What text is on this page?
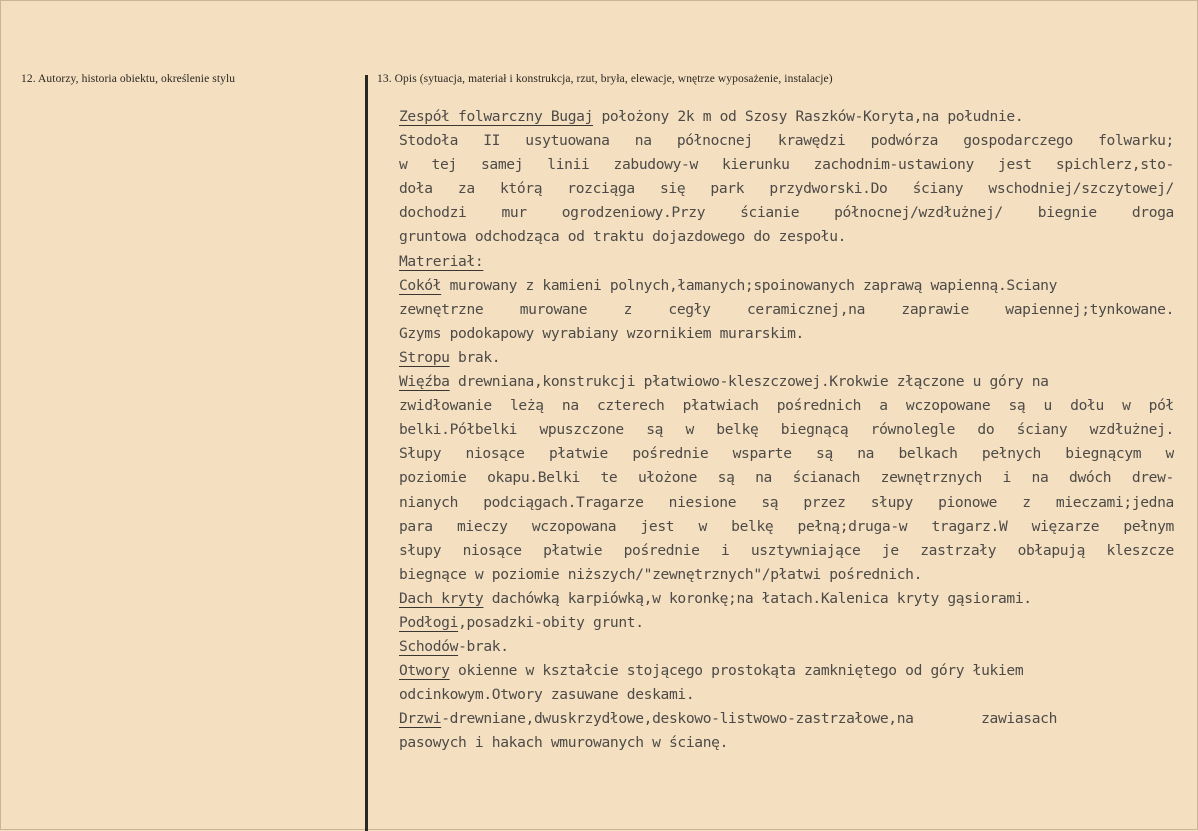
12. Autorzy, historia obiektu, określenie stylu	13. Opis (sytuacja, materiał i konstrukcja, rzut, bryła, elewacje, wnętrze wyposażenie, instalacje)
Zespół folwarczny Bugaj położony 2k m od Szosy Raszków-Koryta,na południe.
Stodoła II usytuowana na północnej krawędzi podwórza gospodarczego folwarku;
w tej samej linii zabudowy-w kierunku zachodnim-ustawiony jest spichlerz,sto-
doła za którą rozciąga się park przydworski.Do ściany wschodniej/szczytowej/
dochodzi mur ogrodzeniowy.Przy ścianie północnej/wzdłużnej/ biegnie droga
gruntowa odchodząca od traktu dojazdowego do zespołu.
Matreriał:
Cokół murowany z kamieni polnych,łamanych;spoinowanych zaprawą wapienną.Sciany
zewnętrzne murowane z cegły ceramicznej,na zaprawie wapiennej;tynkowane.
Gzyms podokapowy wyrabiany wzornikiem murarskim.
Stropu brak.
Więźba drewniana,konstrukcji płatwiowo-kleszczowej.Krokwie złączone u góry na
zwidłowanie leżą na czterech płatwiach pośrednich a wczopowane są u dołu w pół
belki.Półbelki wpuszczone są w belkę biegnącą równolegle do ściany wzdłużnej.
Słupy niosące płatwie pośrednie wsparte są na belkach pełnych biegnącym w
poziomie okapu.Belki te ułożone są na ścianach zewnętrznych i na dwóch drew-
nianych podciągach.Tragarze niesione są przez słupy pionowe z mieczami;jedna
para mieczy wczopowana jest w belkę pełną;druga-w tragarz.W więzarze pełnym
słupy niosące płatwie pośrednie i usztywniające je zastrzały obłapują kleszcze
biegnące w poziomie niższych/"zewnętrznych"/płatwi pośrednich.
Dach kryty dachówką karpiówką,w koronkę;na łatach.Kalenica kryty gąsiorami.
Podłogi,posadzki-obity grunt.
Schodów-brak.
Otwory okienne w kształcie stojącego prostokąta zamkniętego od góry łukiem
odcinkowym.Otwory zasuwane deskami.
Drzwi-drewniane,dwuskrzydłowe,deskowo-listwowo-zastrzałowe,na        zawiasach
pasowych i hakach wmurowanych w ścianę.
